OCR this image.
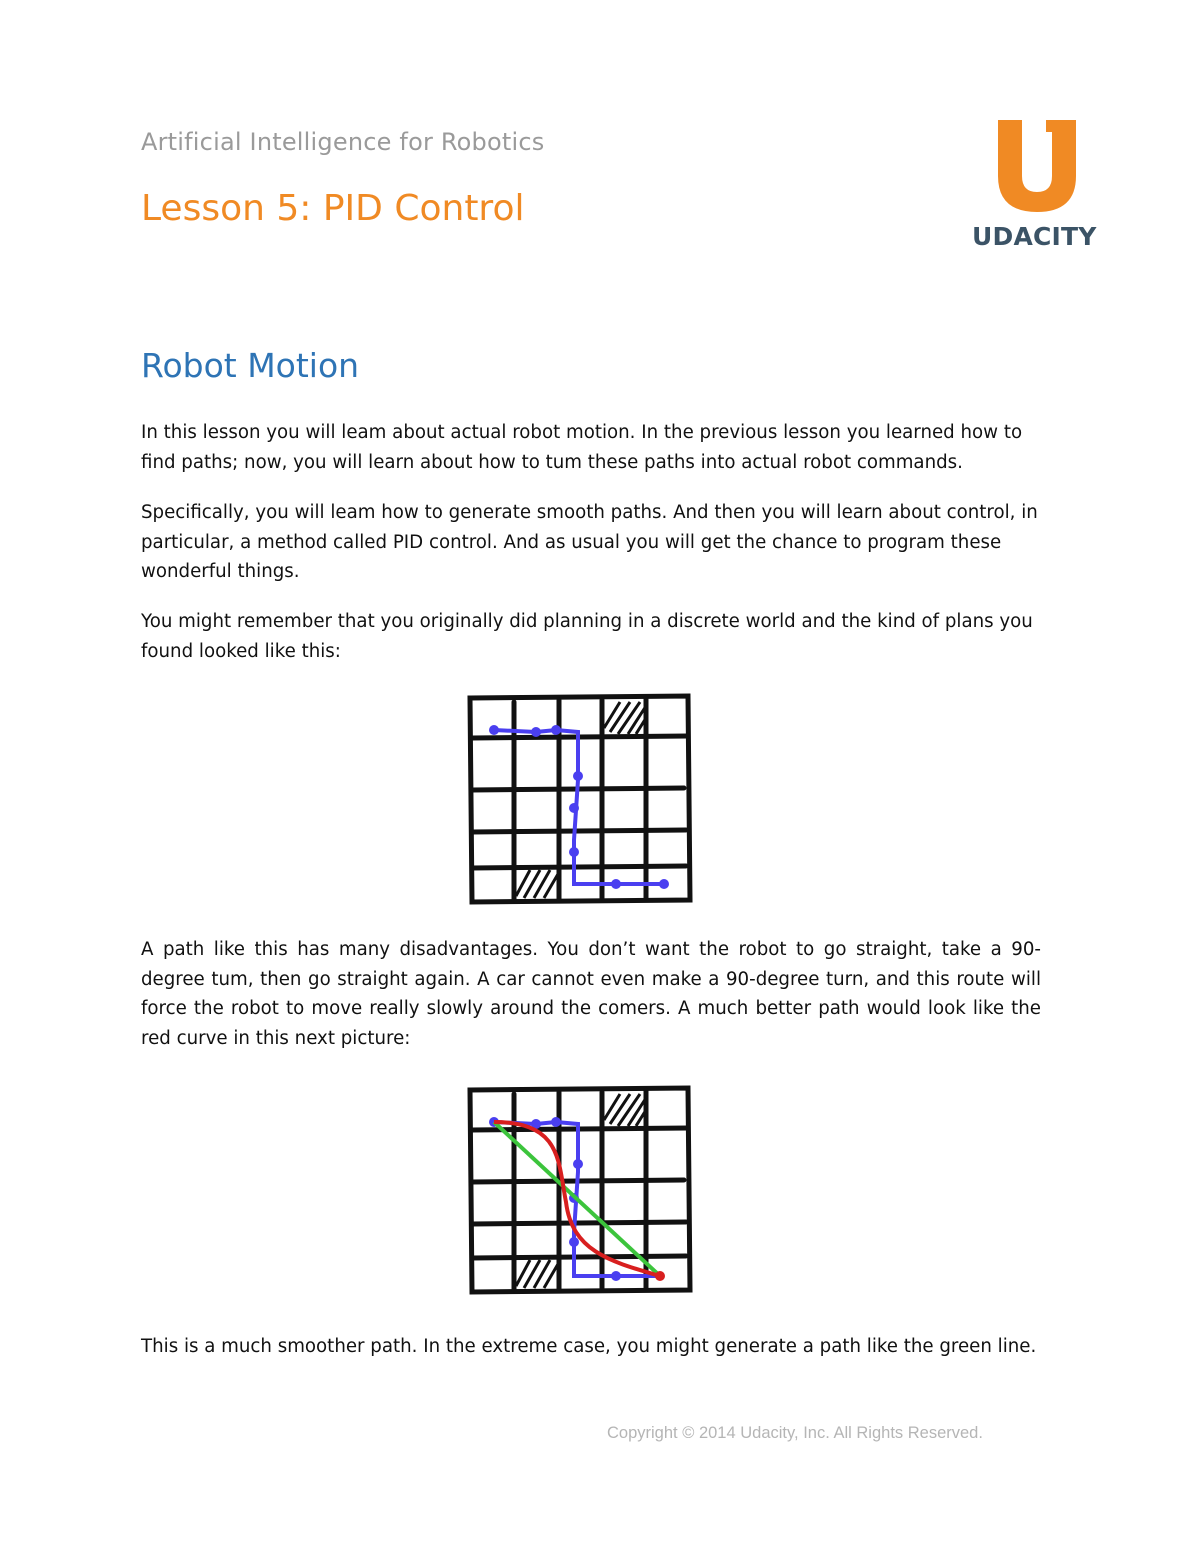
Artificial Intelligence for Robotics
Lesson 5: PID Control
UDACITY
Robot Motion

In this lesson you will leam about actual robot motion. In the previous lesson you learned how to find paths; now, you will learn about how to tum these paths into actual robot commands.

Specifically, you will leam how to generate smooth paths. And then you will learn about control, in particular, a method called PID control. And as usual you will get the chance to program these wonderful things.

You might remember that you originally did planning in a discrete world and the kind of plans you found looked like this:

A path like this has many disadvantages. You don’t want the robot to go straight, take a 90-degree tum, then go straight again. A car cannot even make a 90-degree turn, and this route will force the robot to move really slowly around the comers. A much better path would look like the red curve in this next picture:

This is a much smoother path. In the extreme case, you might generate a path like the green line.

Copyright © 2014 Udacity, Inc. All Rights Reserved.
